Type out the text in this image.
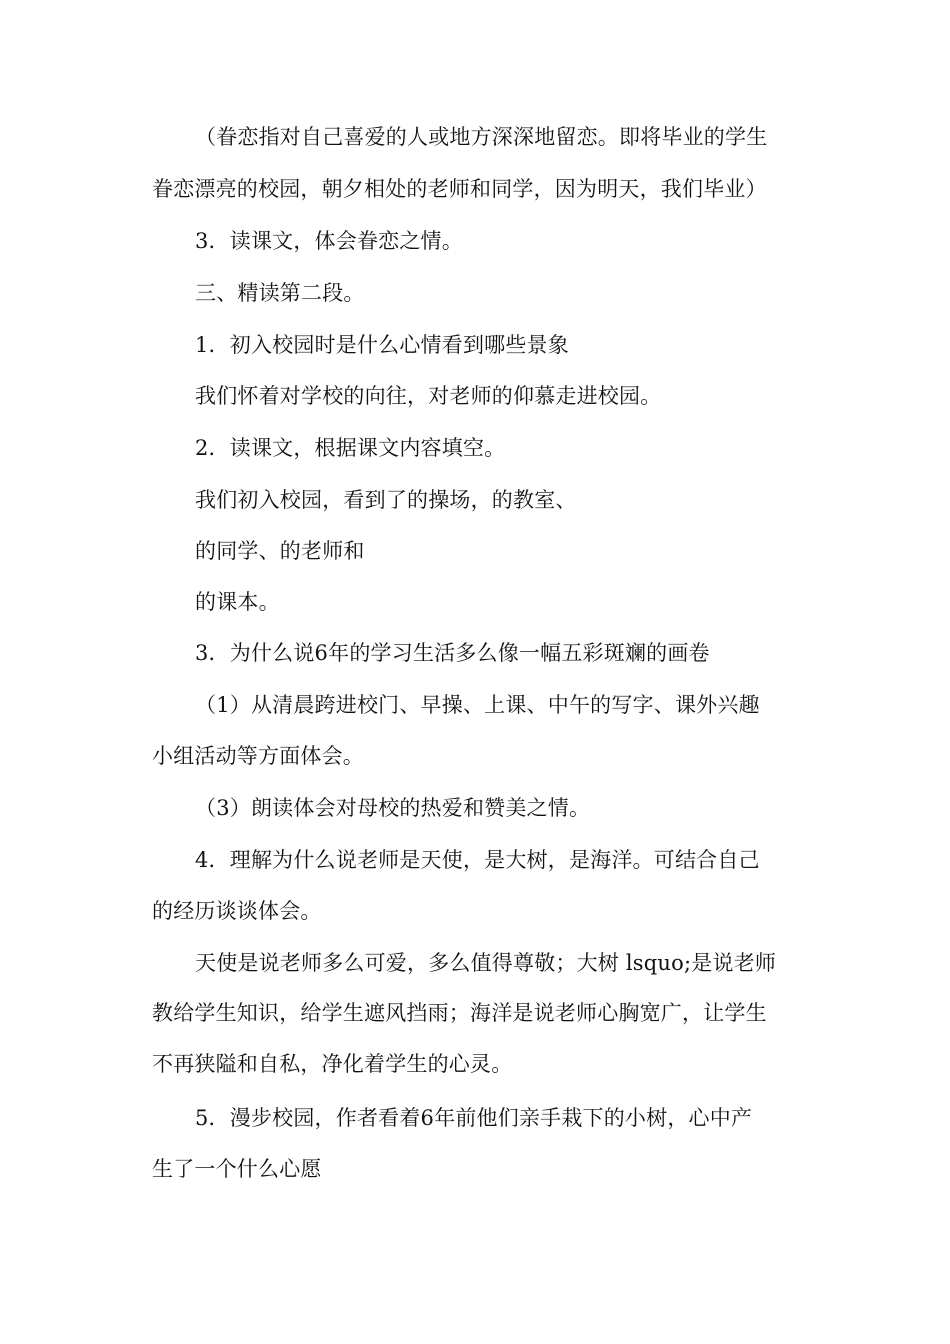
（眷恋指对自己喜爱的人或地方深深地留恋。即将毕业的学生
眷恋漂亮的校园，朝夕相处的老师和同学，因为明天，我们毕业）
3．读课文，体会眷恋之情。
三、精读第二段。
1．初入校园时是什么心情看到哪些景象
我们怀着对学校的向往，对老师的仰慕走进校园。
2．读课文，根据课文内容填空。
我们初入校园，看到了的操场，的教室、
的同学、的老师和
的课本。
3．为什么说6年的学习生活多么像一幅五彩斑斓的画卷
（1）从清晨跨进校门、早操、上课、中午的写字、课外兴趣
小组活动等方面体会。
（3）朗读体会对母校的热爱和赞美之情。
4．理解为什么说老师是天使，是大树，是海洋。可结合自己
的经历谈谈体会。
天使是说老师多么可爱，多么值得尊敬；大树 lsquo;是说老师
教给学生知识，给学生遮风挡雨；海洋是说老师心胸宽广，让学生
不再狭隘和自私，净化着学生的心灵。
5．漫步校园，作者看着6年前他们亲手栽下的小树，心中产
生了一个什么心愿
